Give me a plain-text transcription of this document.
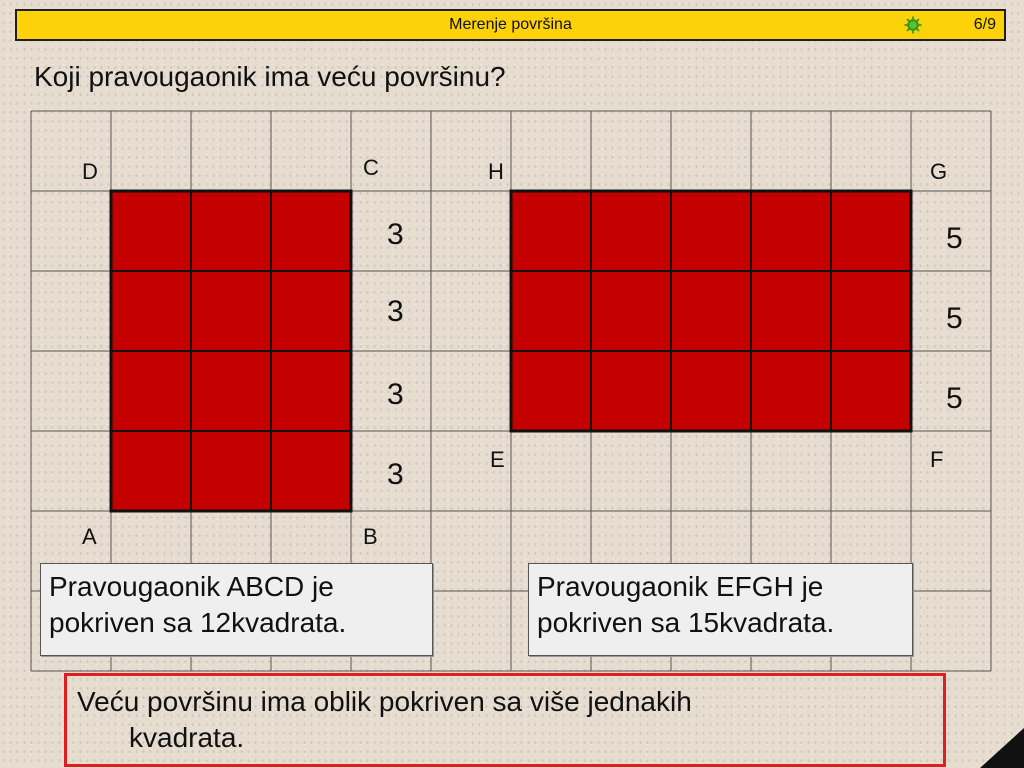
Merenje površina	6/9
Koji pravougaonik ima veću površinu?
D	C	H	G
E	F
A	B
3
3
3
3
5
5
5
Pravougaonik ABCD je
pokriven sa 12kvadrata.
Pravougaonik EFGH je
pokriven sa 15kvadrata.
Veću površinu ima oblik pokriven sa više jednakih
kvadrata.
